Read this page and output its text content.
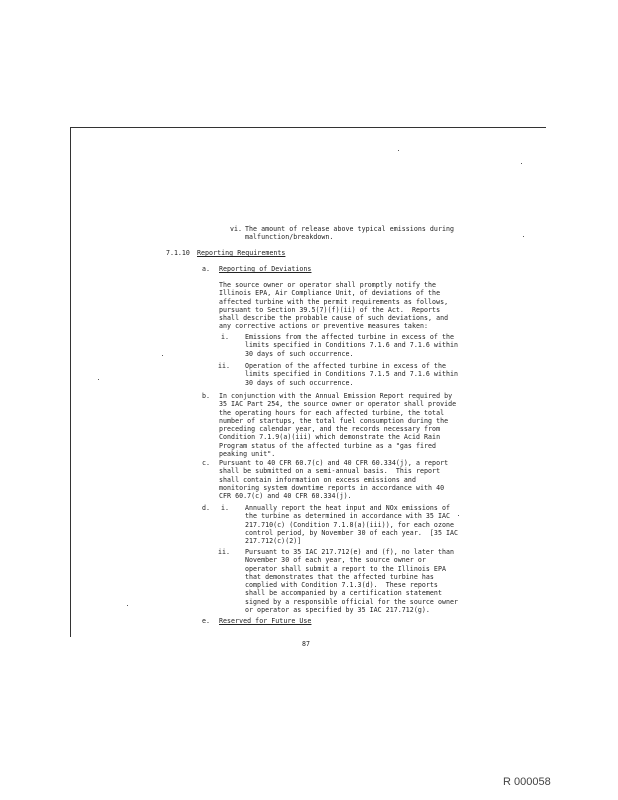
vi. The amount of release above typical emissions during
malfunction/breakdown.
7.1.10 Reporting Requirements
a. Reporting of Deviations
The source owner or operator shall promptly notify the
Illinois EPA, Air Compliance Unit, of deviations of the
affected turbine with the permit requirements as follows,
pursuant to Section 39.5(7)(f)(ii) of the Act.  Reports
shall describe the probable cause of such deviations, and
any corrective actions or preventive measures taken:
i. Emissions from the affected turbine in excess of the
limits specified in Conditions 7.1.6 and 7.1.6 within
30 days of such occurrence.
ii. Operation of the affected turbine in excess of the
limits specified in Conditions 7.1.5 and 7.1.6 within
30 days of such occurrence.
b. In conjunction with the Annual Emission Report required by
35 IAC Part 254, the source owner or operator shall provide
the operating hours for each affected turbine, the total
number of startups, the total fuel consumption during the
preceding calendar year, and the records necessary from
Condition 7.1.9(a)(iii) which demonstrate the Acid Rain
Program status of the affected turbine as a "gas fired
peaking unit".
c. Pursuant to 40 CFR 60.7(c) and 40 CFR 60.334(j), a report
shall be submitted on a semi-annual basis.  This report
shall contain information on excess emissions and
monitoring system downtime reports in accordance with 40
CFR 60.7(c) and 40 CFR 60.334(j).
d. i. Annually report the heat input and NOx emissions of
the turbine as determined in accordance with 35 IAC
217.710(c) (Condition 7.1.8(a)(iii)), for each ozone
control period, by November 30 of each year.  [35 IAC
217.712(c)(2)]
ii. Pursuant to 35 IAC 217.712(e) and (f), no later than
November 30 of each year, the source owner or
operator shall submit a report to the Illinois EPA
that demonstrates that the affected turbine has
complied with Condition 7.1.3(d).  These reports
shall be accompanied by a certification statement
signed by a responsible official for the source owner
or operator as specified by 35 IAC 217.712(g).
e. Reserved for Future Use
87
R 000058
